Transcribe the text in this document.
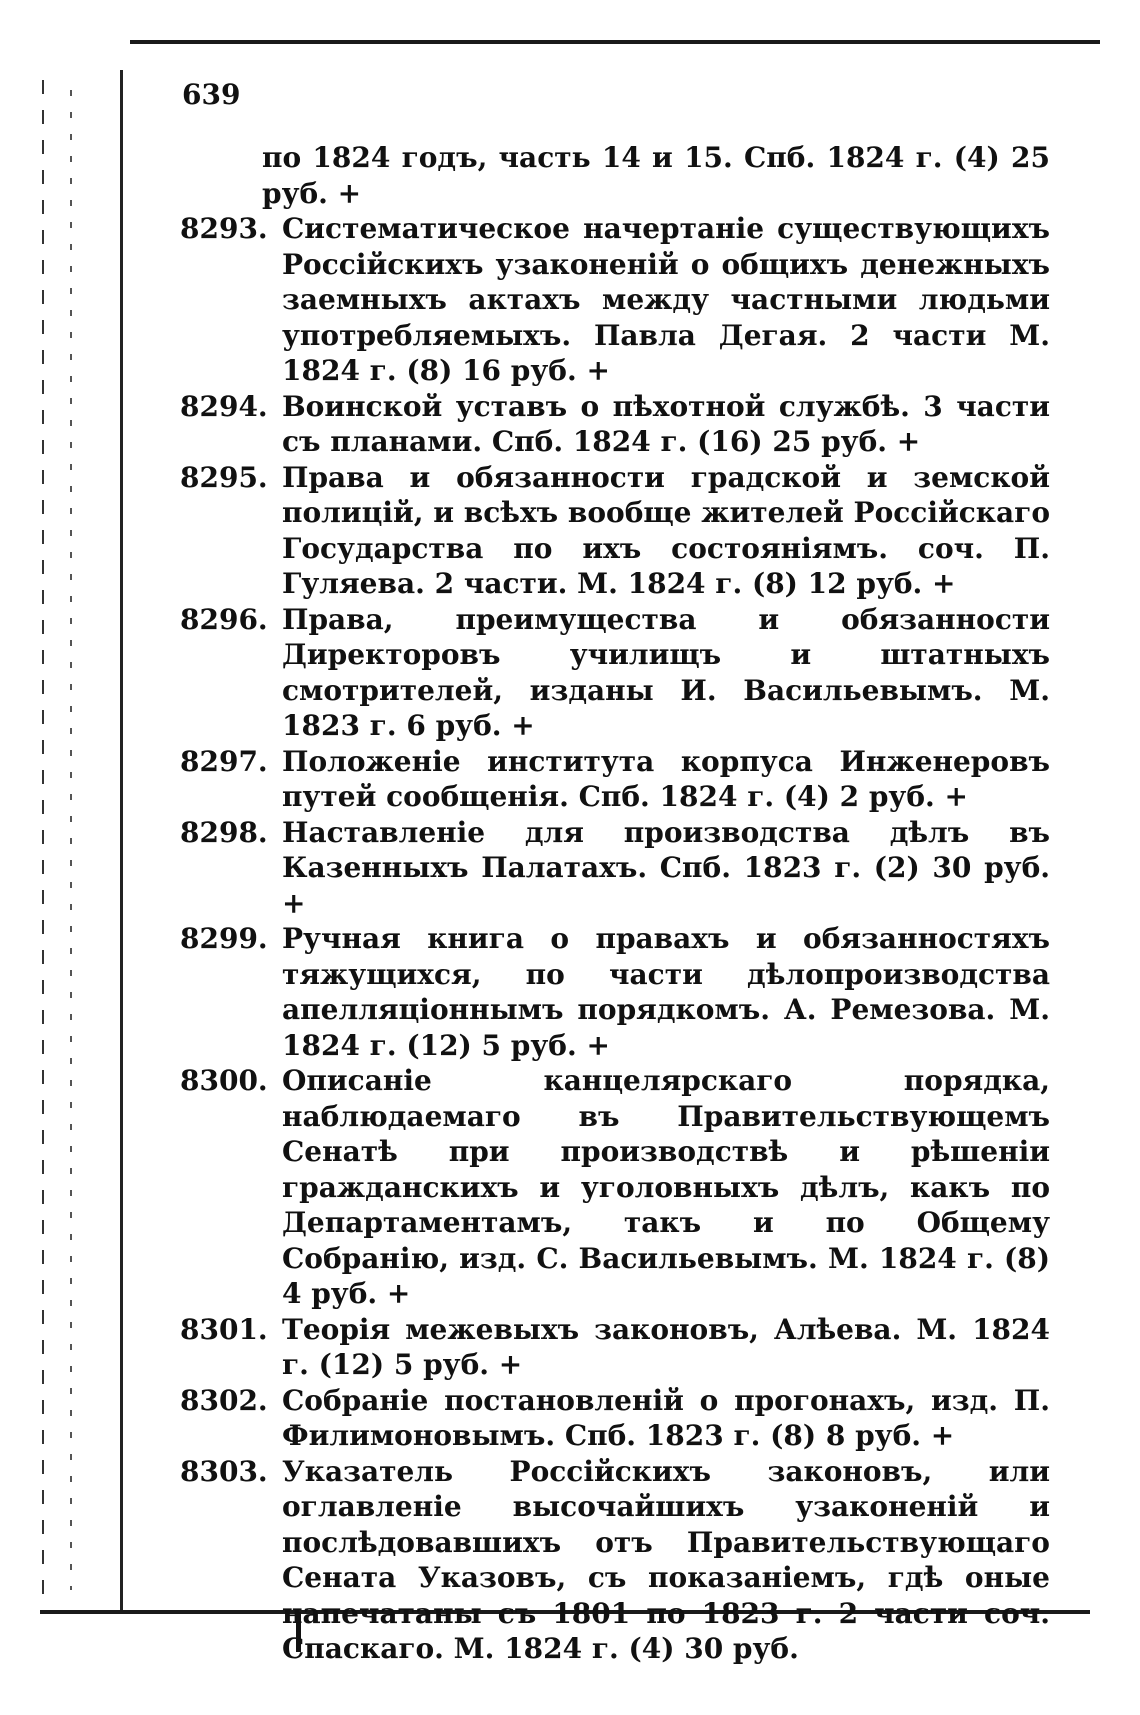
639

по 1824 годъ, часть 14 и 15. Спб. 1824 г. (4) 25 руб. +

8293. Систематическое начертаніе существующихъ Россійскихъ узаконеній о общихъ денежныхъ заемныхъ актахъ между частными людьми употребляемыхъ. Павла Дегая. 2 части М. 1824 г. (8) 16 руб. +

8294. Воинской уставъ о пѣхотной службѣ. 3 части съ планами. Спб. 1824 г. (16) 25 руб. +

8295. Права и обязанности градской и земской полицій, и всѣхъ вообще жителей Россійскаго Государства по ихъ состояніямъ. соч. П. Гуляева. 2 части. М. 1824 г. (8) 12 руб. +

8296. Права, преимущества и обязанности Директоровъ училищъ и штатныхъ смотрителей, изданы И. Васильевымъ. М. 1823 г. 6 руб. +

8297. Положеніе института корпуса Инженеровъ путей сообщенія. Спб. 1824 г. (4) 2 руб. +

8298. Наставленіе для производства дѣлъ въ Казенныхъ Палатахъ. Спб. 1823 г. (2) 30 руб. +

8299. Ручная книга о правахъ и обязанностяхъ тяжущихся, по части дѣлопроизводства апелляціоннымъ порядкомъ. А. Ремезова. М. 1824 г. (12) 5 руб. +

8300. Описаніе канцелярскаго порядка, наблюдаемаго въ Правительствующемъ Сенатѣ при производствѣ и рѣшеніи гражданскихъ и уголовныхъ дѣлъ, какъ по Департаментамъ, такъ и по Общему Собранію, изд. С. Васильевымъ. М. 1824 г. (8) 4 руб. +

8301. Теорія межевыхъ законовъ, Алѣева. М. 1824 г. (12) 5 руб. +

8302. Собраніе постановленій о прогонахъ, изд. П. Филимоновымъ. Спб. 1823 г. (8) 8 руб. +

8303. Указатель Россійскихъ законовъ, или оглавленіе высочайшихъ узаконеній и послѣдовавшихъ отъ Правительствующаго Сената Указовъ, съ показаніемъ, гдѣ оные напечатаны съ 1801 по 1823 г. 2 части соч. Спаскаго. М. 1824 г. (4) 30 руб.
